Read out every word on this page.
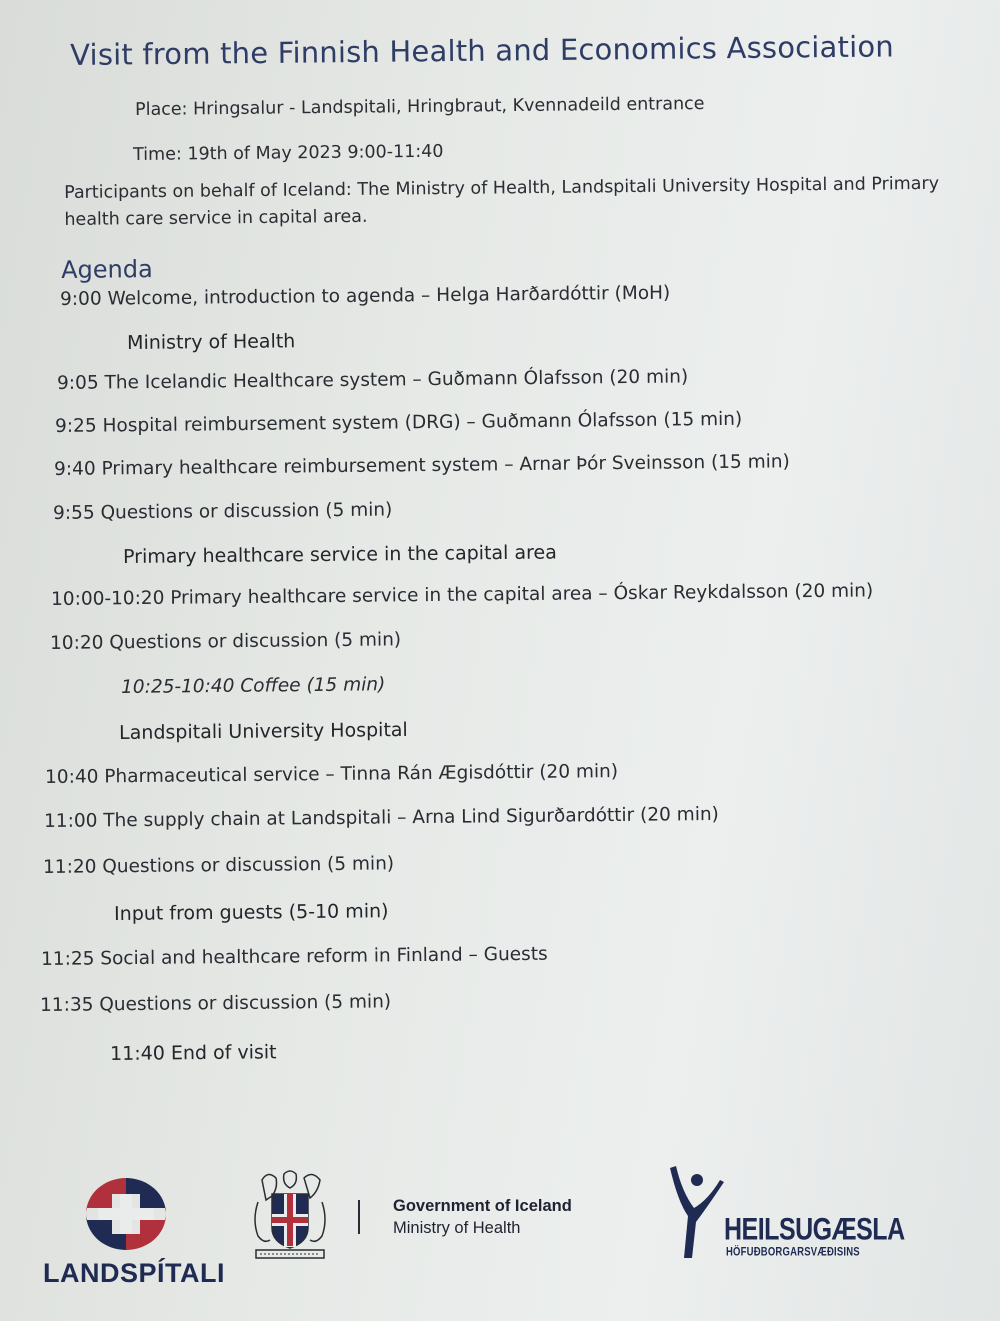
Visit from the Finnish Health and Economics Association
Place: Hringsalur - Landspitali, Hringbraut, Kvennadeild entrance
Time: 19th of May 2023 9:00-11:40
Participants on behalf of Iceland: The Ministry of Health, Landspitali University Hospital and Primary health care service in capital area.
Agenda
9:00 Welcome, introduction to agenda – Helga Harðardóttir (MoH)
Ministry of Health
9:05 The Icelandic Healthcare system – Guðmann Ólafsson (20 min)
9:25 Hospital reimbursement system (DRG) – Guðmann Ólafsson (15 min)
9:40 Primary healthcare reimbursement system – Arnar Þór Sveinsson (15 min)
9:55 Questions or discussion (5 min)
Primary healthcare service in the capital area
10:00-10:20 Primary healthcare service in the capital area – Óskar Reykdalsson (20 min)
10:20 Questions or discussion (5 min)
10:25-10:40 Coffee (15 min)
Landspitali University Hospital
10:40 Pharmaceutical service – Tinna Rán Ægisdóttir (20 min)
11:00 The supply chain at Landspitali – Arna Lind Sigurðardóttir (20 min)
11:20 Questions or discussion (5 min)
Input from guests (5-10 min)
11:25 Social and healthcare reform in Finland – Guests
11:35 Questions or discussion (5 min)
11:40 End of visit
LANDSPÍTALI
Government of Iceland
Ministry of Health	HEILSUGÆSLA
HÖFUÐBORGARSVÆÐISINS
